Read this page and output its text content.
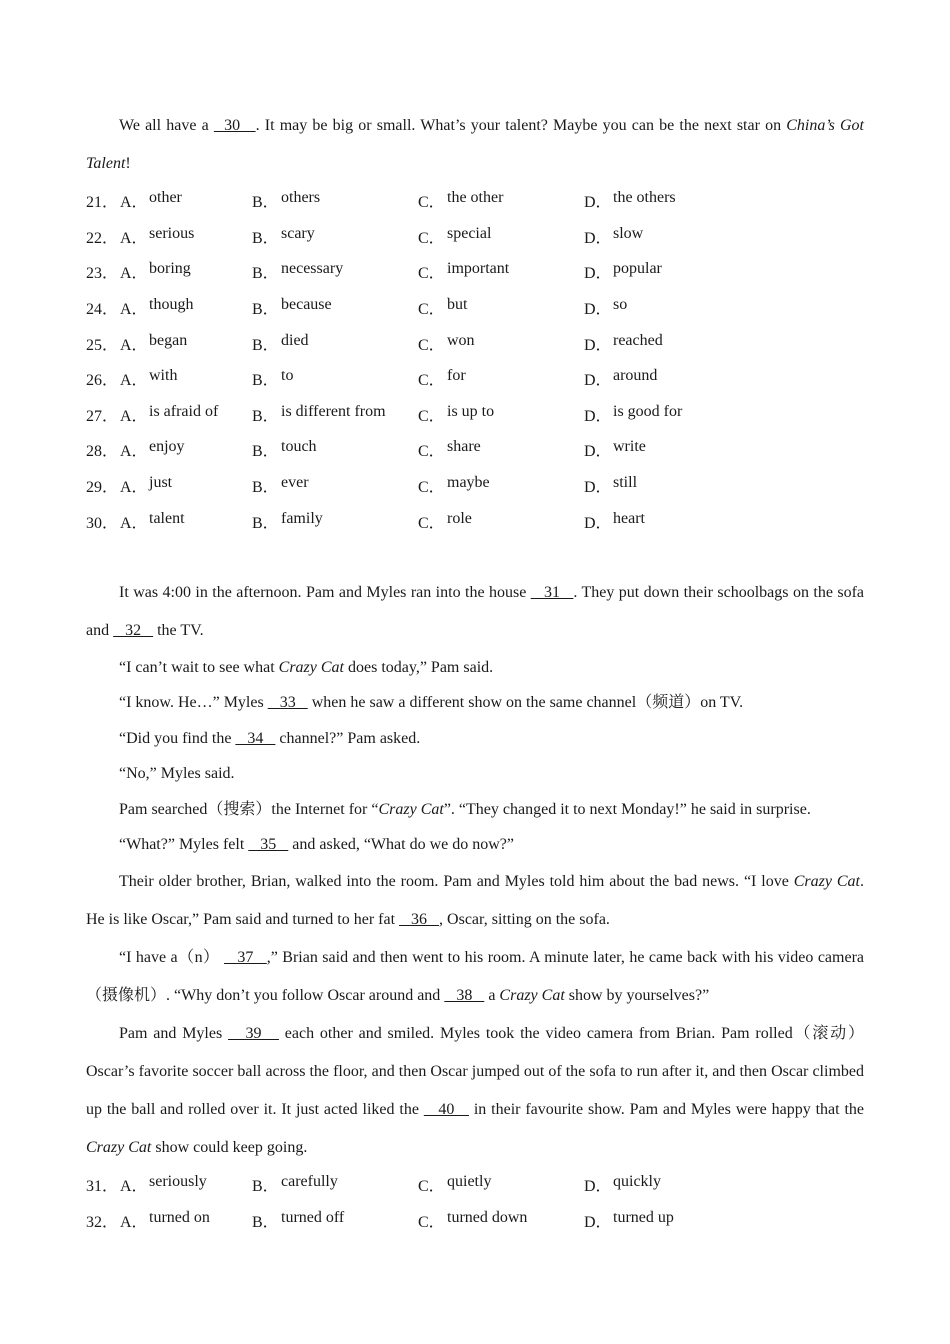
We all have a   30   . It may be big or small. What’s your talent? Maybe you can be the next star on China’s Got Talent!

21． A． other	B． others	C． the other	D． the others
22． A． serious	B． scary	C． special	D． slow
23． A． boring	B． necessary	C． important	D． popular
24． A． though	B． because	C． but	D． so
25． A． began	B． died	C． won	D． reached
26． A． with	B． to	C． for	D． around
27． A． is afraid of B． is different from C． is up to	D． is good for
28． A． enjoy	B． touch	C． share	D． write
29． A． just	B． ever	C． maybe	D． still
30． A． talent	B． family	C． role	D． heart

It was 4:00 in the afternoon. Pam and Myles ran into the house    31   . They put down their schoolbags on the sofa and    32    the TV.

“I can’t wait to see what Crazy Cat does today,” Pam said.

“I know. He…” Myles    33    when he saw a different show on the same channel（频道）on TV.

“Did you find the    34    channel?” Pam asked.

“No,” Myles said.

Pam searched（搜索）the Internet for “Crazy Cat”. “They changed it to next Monday!” he said in surprise.

“What?” Myles felt    35    and asked, “What do we do now?”

Their older brother, Brian, walked into the room. Pam and Myles told him about the bad news. “I love Crazy Cat. He is like Oscar,” Pam said and turned to her fat    36   , Oscar, sitting on the sofa.

“I have a（n）    37   ,” Brian said and then went to his room. A minute later, he came back with his video camera（摄像机）. “Why don’t you follow Oscar around and    38    a Crazy Cat show by yourselves?”

Pam and Myles    39    each other and smiled. Myles took the video camera from Brian. Pam rolled（滚动）Oscar’s favorite soccer ball across the floor, and then Oscar jumped out of the sofa to run after it, and then Oscar climbed up the ball and rolled over it. It just acted liked the    40    in their favourite show. Pam and Myles were happy that the Crazy Cat show could keep going.

31． A． seriously	B． carefully	C． quietly	D． quickly
32． A． turned on	B． turned off	C． turned down	D． turned up
